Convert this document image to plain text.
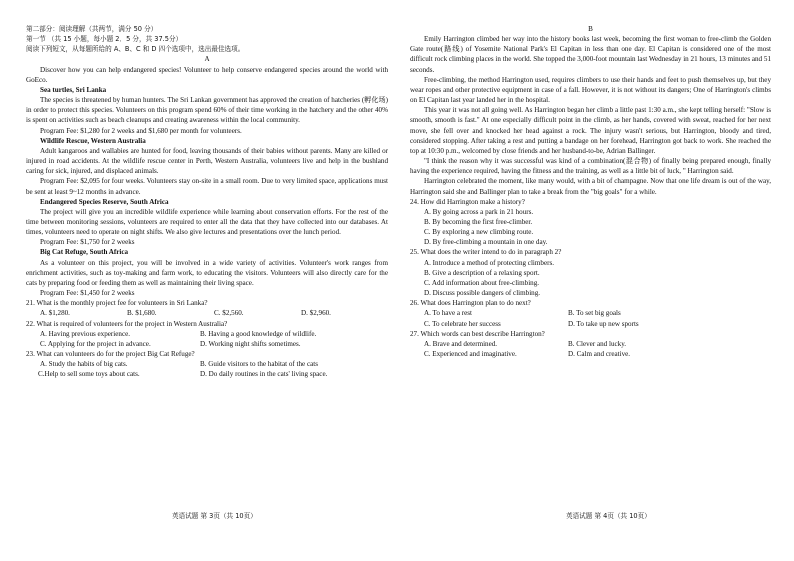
第二部分：阅读理解（共两节，满分 50 分）

第一节 （共 15 小题，每小题 2．5 分，共 37.5分）

阅读下列短文，从每题所给的 A、B、C 和 D 四个选项中，选出最佳选项。

A

Discover how you can help endangered species! Volunteer to help conserve endangered species around the world with GoEco.

Sea turtles, Sri Lanka

The species is threatened by human hunters. The Sri Lankan government has approved the creation of hatcheries (孵化场) in order to protect this species. Volunteers on this program spend 60% of their time working in the hatchery and the other 40% is spent on activities such as beach cleanups and creating awareness within the local community.

Program Fee: $1,280 for 2 weeks and $1,680 per month for volunteers.

Wildlife Rescue, Western Australia

Adult kangaroos and wallabies are hunted for food, leaving thousands of their babies without parents. Many are killed or injured in road accidents. At the wildlife rescue center in Perth, Western Australia, volunteers live and help in the bushland caring for sick, injured, and displaced animals.

Program Fee: $2,095 for four weeks. Volunteers stay on-site in a small room. Due to very limited space, applications must be sent at least 9~12 months in advance.

Endangered Species Reserve, South Africa

The project will give you an incredible wildlife experience while learning about conservation efforts. For the rest of the time between monitoring sessions, volunteers are required to enter all the data that they have collected into our databases. At times, volunteers need to operate on night shifts. We also give lectures and presentations over the lunch period.

Program Fee: $1,750 for 2 weeks

Big Cat Refuge, South Africa

As a volunteer on this project, you will be involved in a wide variety of activities. Volunteer's work ranges from enrichment activities, such as toy-making and farm work, to educating the visitors. Volunteers will also directly care for the cats by preparing food or feeding them as well as maintaining their living space.

Program Fee: $1,450 for 2 weeks

21. What is the monthly project fee for volunteers in Sri Lanka?

A. $1,280.	B. $1,680.	C. $2,560.	D. $2,960.

22. What is required of volunteers for the project in Western Australia?

A. Having previous experience.	B. Having a good knowledge of wildlife.
C. Applying for the project in advance.	D. Working night shifts sometimes.

23. What can volunteers do for the project Big Cat Refuge?

A. Study the habits of big cats.	B. Guide visitors to the habitat of the cats
C.Help to sell some toys about cats.	D. Do daily routines in the cats' living space.
英语试题 第 3页（共 10页）

B

Emily Harrington climbed her way into the history books last week, becoming the first woman to free-climb the Golden Gate route(路线) of Yosemite National Park's El Capitan in less than one day. El Capitan is considered one of the most difficult rock climbing places in the world. She topped the 3,000-foot mountain last Wednesday in 21 hours, 13 minutes and 51 seconds.

Free-climbing, the method Harrington used, requires climbers to use their hands and feet to push themselves up, but they wear ropes and other protective equipment in case of a fall. However, it is not without its dangers; One of Harrington's climbs on El Capitan last year landed her in the hospital.

This year it was not all going well. As Harrington began her climb a little past 1:30 a.m., she kept telling herself: "Slow is smooth, smooth is fast." At one especially difficult point in the climb, as her hands, covered with sweat, reached for her next move, she fell over and knocked her head against a rock. The injury wasn't serious, but Harrington, bloody and tired, considered stopping. After taking a rest and putting a bandage on her forehead, Harrington got back to work. She reached the top at 10:30 p.m., welcomed by close friends and her husband-to-be, Adrian Ballinger.

"I think the reason why it was successful was kind of a combination(混合物) of finally being prepared enough, finally having the experience required, having the fitness and the training, as well as a little bit of luck, " Harrington said.

Harrington celebrated the moment, like many would, with a bit of champagne. Now that one life dream is out of the way, Harrington said she and Ballinger plan to take a break from the "big goals" for a while.

24. How did Harrington make a history?

A. By going across a park in 21 hours.

B. By becoming the first free-climber.

C. By exploring a new climbing route.

D. By free-climbing a mountain in one day.

25. What does the writer intend to do in paragraph 2?

A. Introduce a method of protecting climbers.

B. Give a description of a relaxing sport.

C. Add information about free-climbing.

D. Discuss possible dangers of climbing.

26. What does Harrington plan to do next?

A. To have a rest	B. To set big goals
C. To celebrate her success	D. To take up new sports

27. Which words can best describe Harrington?

A. Brave and determined.	B. Clever and lucky.
C. Experienced and imaginative.	D. Calm and creative.
英语试题 第 4页（共 10页）
